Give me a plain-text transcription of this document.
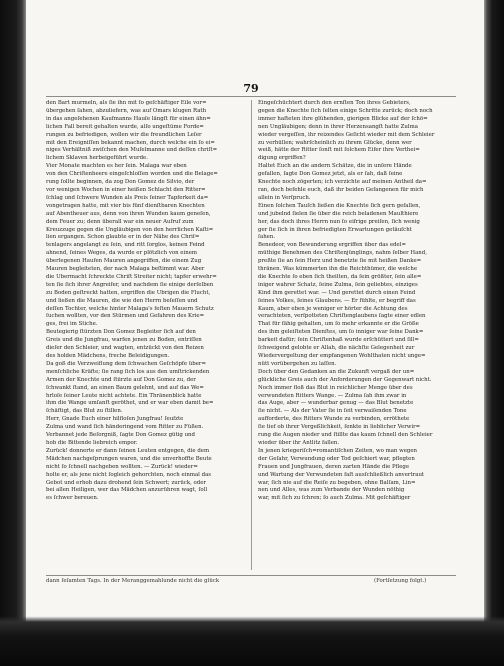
79
den Bart murmeln, als ſie ihn mit ſo geſchäftiger Eile vor=
übergehen ſahen, abzuliefern, was auf Omars klugen Rath
in das angeſehenen Kaufmanns Hauſe längſt für einen ähn=
lichen Fall bereit gehalten wurde, alſo ungeſtüme Forde=
rungen zu befriedigen, wollen wir die freundlichen Leſer
mit den Ereigniſſen bekannt machen, durch welche ein ſo ei=
niges Verhältniß zwiſchen den Muſelmanne und deſſen chriſt=
lichem Sklaven herbeigeführt wurde.
Vier Monate machten es her ſein. Malaga war eben
von den Chriſtenheere eingeſchloſſen worden und die Belage=
rung ſollte beginnen, da zog Don Gomez de Silvio, der
vor wenigen Wochen in einer heißen Schlacht den Ritter=
ſchlag und ſchwere Wunden als Preis ſeiner Tapferkeit da=
vongetragen hatte, mit vier bis fünf dienſtbaren Knechten
auf Abentheuer aus, denn von ihren Wunden kaum geneſen,
dem Feuer zu; denn überall war ein neuer Aufruf zum
Kreuzzuge gegen die Ungläubigen von den herrlichen Kaſti=
lien ergangen. Schon glaubte er in der Nähe des Chriſ=
tenlagers angelangt zu ſein, und ritt ſorglos, keinen Feind
ahnend, ſeines Weges, da wurde er plötzlich von einem
überlegenen Haufen Mauren angegriffen, die einem Zug
Mauren begleiteten, der nach Malaga beſtimmt war. Aber
die Übermacht ſchreckte Chriſt Streiter nicht; tapfer erwehr=
ten ſie ſich ihrer Angreifer, und nachdem ſie einige derſelben
zu Boden geſtreckt hatten, ergriffen die Übrigen die Flucht,
und ließen die Mauren, die wie den Herrn beſeſſen und
deſſen Tochter, welche hinter Malaga's feſten Mauern Schutz
ſuchen wollten, vor den Stürmen und Gefahren des Krie=
ges, frei im Stiche.
Beutegierig ſtürzten Don Gomez Begleiter ſich auf den
Greis und die Jungfrau, warfen jenen zu Boden, entriſſen
dieſer den Schleier, und wagten, entzückt von den Reizen
des holden Mädchens, freche Beleidigungen.
Da goß die Verzweiflung dem ſchwachen Geſchöpfe über=
menſchliche Kräfte; ſie rang ſich los aus den umſtrickenden
Armen der Knechte und ſtürzte auf Don Gomez zu, der
ſchwankt ſtand, an einen Baum gelehnt, und auf das We=
hrloſe ſeiner Leute nicht achtete. Ein Thränenblick hatte
ihm die Wange umſanft geröthet, und er war eben damit be=
ſchäftigt, das Blut zu ſtillen.
Herr, Gnade Euch einer hilfloſen Jungfrau! ſeufzte
Zulma und wand ſich händeringend vom Ritter zu Füßen.
Verbannet jede Beſorgniß, ſagte Don Gomez gütig und
hob die Bittende liebreich empor.
Zurück! donnerte er dann ſeinen Leuten entgegen, die dem
Mädchen nachgeſprungen waren, und die unverhoffte Beute
nicht ſo ſchnell nachgeben wollten. — Zurück! wieder=
holte er, als jene nicht ſogleich gehorchten, noch einmal das
Gebot und erhob dazu drohend ſein Schwert; zurück, oder
bei allen Heiligen, wer das Mädchen anzurühren wagt, ſoll
es ſchwer bereuen.
Eingeſchüchtert durch den ernſten Ton ihres Gebieters,
gegen die Knechte ſich ſelten einige Schritte zurück; doch noch
immer hafteten ihre glühenden, gierigen Blicke auf der ſchö=
nen Ungläubigen; denn in ihrer Herzensangſt hatte Zulma
wieder vergeſſen, ihr reizendes Geſicht wieder mit dem Schleier
zu verhüllen; wahrſcheinlich zu ihrem Glücke, denn wer
weiß, hätte der Ritter ſonſt mit ſolchem Eifer ihre Verthei=
digung ergriffen?
Haltet Euch an die andern Schätze, die in unſere Hände
gefallen, ſagte Don Gomez jetzt, als er ſah, daß ſeine
Knechte noch zögerten; ich verzichte auf meinen Antheil da=
ran, doch befehle euch, daß ihr beiden Gefangenen für mich
allein in Verſpruch.
Einen ſolchen Tauſch ließen die Knechte ſich gern gefallen,
und jubelnd ſielen ſie über die reich beladenen Maulthiere
her, das doch ihres Herrn nun ſo eifrige preiſen, ſich wenig
ger ſie ſich in ihren befriedigten Erwartungen getäuſcht
ſahen.
Benedeor, von Bewunderung ergriffen über das edel=
müthige Benehmen des Chriſtenjünglings, nahm ſelber Hand,
preßte ſie an ſein Herz und benetzte ſie mit heißen Danke=
thränen. Was kümmerten ihn die Reichthümer, die welche
die Knechte ſo eben ſich theilten, da ſein größter, ſein alle=
iniger wahrer Schatz, ſeine Zulma, ſein geliebtes, einziges
Kind ihm gerettet war. — Und gerettet durch einen Feind
ſeines Volkes, ſeines Glaubens. — Er fühlte, er begriff das
Kaum, aber eben je weniger er hörter die Achtung des
verachteten, verſpotteten Chriſtenglaubens ſagte einer edlen
That für fähig gehalten, um ſo mehr erkannte er die Größe
des ihm geleiſteten Dienſtes, um ſo inniger war ſeine Dank=
barkeit dafür; ſein Chriſtenhaß wurde erſchüttert und ſill=
ſchweigend gelobte er Allah, die nächſte Gelegenheit zur
Wiedervergeltung der empfangenen Wohlthaten nicht unge=
nütt vorübergehen zu laſſen.
Doch über den Gedanken an die Zukunft vergaß der un=
glückliche Greis auch der Anforderungen der Gegenwart nicht.
Noch immer floß das Blut in reichlicher Menge über des
verwundeten Ritters Wange. — Zulma ſah ihm zwar in
das Auge, aber — wunderbar genug — das Blut benetzte
ſie nicht. — Als der Vater ſie in ſeit verwaiſenden Tone
aufforderte, des Ritters Wunde zu verbinden, erröthete
ſie tief ob ihrer Vergeßlichkeit, ſenkte in lieblicher Verwir=
rung die Augen nieder und ſtillte das kaum ſchnell den Schleier
wieder über ihr Antlitz fallen.
In jenen kriegeriſch=romantiſchen Zeiten, wo man wegen
der Geſahr, Verwundung oder Tod geſchiert war, pflegten
Frauen und Jungfrauen, deren zarten Hände die Pflege
und Wartung der Verwundeten faſt ausſchließlich anvertraut
war, ſich nie auf die Reiſe zu begeben, ohne Balſam, Lin=
nen und Alles, was zum Verbande der Wunden nöthig
war, mit ſich zu ſchren; ſo auch Zulma. Mit geſchäftiger
dann ſeſamten Tags. In der Meranggemahlunde nicht die glück	(Fortſetzung folgt.)
